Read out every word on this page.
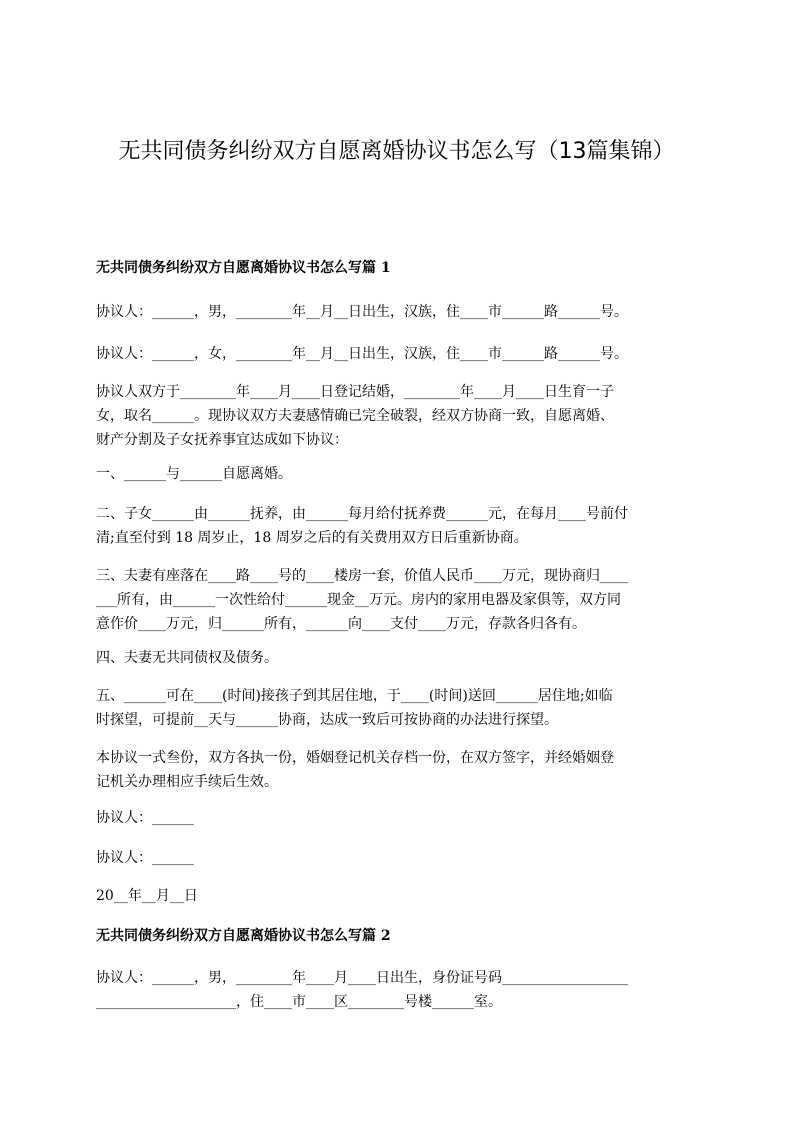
无共同债务纠纷双方自愿离婚协议书怎么写（13篇集锦）
无共同债务纠纷双方自愿离婚协议书怎么写篇 1

协议人：______，男，________年__月__日出生，汉族，住____市______路______号。

协议人：______，女，________年__月__日出生，汉族，住____市______路______号。

协议人双方于________年____月____日登记结婚，________年____月____日生育一子
女，取名______。现协议双方夫妻感情确已完全破裂，经双方协商一致，自愿离婚、
财产分割及子女抚养事宜达成如下协议：

一、______与______自愿离婚。

二、子女______由______抚养，由______每月给付抚养费______元，在每月____号前付
清;直至付到 18 周岁止，18 周岁之后的有关费用双方日后重新协商。

三、夫妻有座落在____路____号的____楼房一套，价值人民币____万元，现协商归____
___所有，由______一次性给付______现金__万元。房内的家用电器及家俱等，双方同
意作价____万元，归______所有，______向____支付____万元，存款各归各有。

四、夫妻无共同债权及债务。

五、______可在____(时间)接孩子到其居住地，于____(时间)送回______居住地;如临
时探望，可提前__天与______协商，达成一致后可按协商的办法进行探望。

本协议一式叁份，双方各执一份，婚姻登记机关存档一份，在双方签字，并经婚姻登
记机关办理相应手续后生效。

协议人：______

协议人：______

20__年__月__日

无共同债务纠纷双方自愿离婚协议书怎么写篇 2

协议人：______，男，________年____月____日出生，身份证号码__________________
____________________，住____市____区________号楼______室。
